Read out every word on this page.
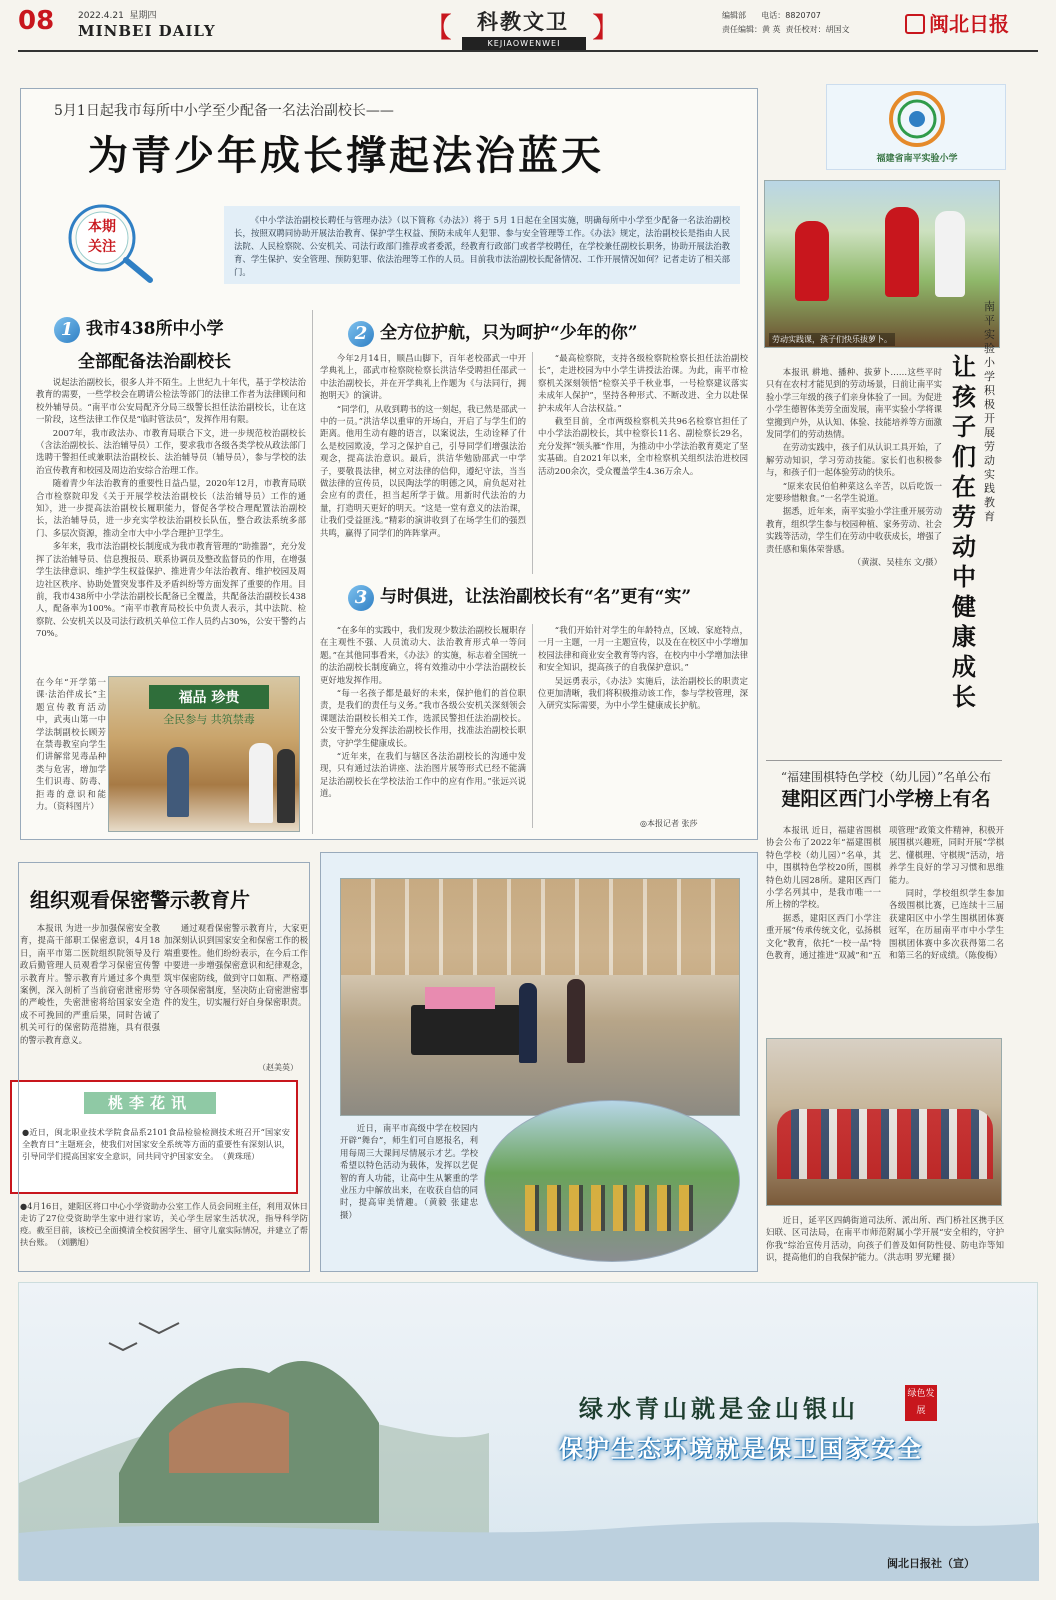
08	2022.4.21 星期四
MINBEI DAILY	【	科教文卫 】
KEJIAOWENWEI
编辑部 电话：8820707
责任编辑：黄 英 责任校对：胡国文	闽北日报
5月1日起我市每所中小学至少配备一名法治副校长——
为青少年成长撑起法治蓝天
本期
关注
《中小学法治副校长聘任与管理办法》（以下简称《办法》）将于 5月 1日起在全国实施，明确每所中小学至少配备一名法治副校长，按照双聘同协助开展法治教育、保护学生权益、预防未成年人犯罪、参与安全管理等工作。《办法》规定，法治副校长是指由人民法院、人民检察院、公安机关、司法行政部门推荐或者委派，经教育行政部门或者学校聘任，在学校兼任副校长职务，协助开展法治教育、学生保护、安全管理、预防犯罪、依法治理等工作的人员。目前我市法治副校长配备情况、工作开展情况如何？记者走访了相关部门。
1 我市438所中小学
全部配备法治副校长

说起法治副校长，很多人并不陌生。上世纪九十年代，基于学校法治教育的需要，一些学校会在聘请公检法等部门的法律工作者为法律顾问和校外辅导员。“南平市公安局配齐分局三级警长担任法治副校长，让在这一阶段，这些法律工作仅是“临时管法员”，发挥作用有限。

2007年，我市政法办、市教育局联合下文，进一步规范校治副校长（含法治副校长、法治辅导员）工作，要求我市各级各类学校从政法部门选聘干警担任或兼职法治副校长、法治辅导员（辅导员），参与学校的法治宣传教育和校园及周边治安综合治理工作。

随着青少年法治教育的重要性日益凸显，2020年12月，市教育局联合市检察院印发《关于开展学校法治副校长（法治辅导员）工作的通知》，进一步提高法治副校长履职能力，督促各学校合理配置法治副校长，法治辅导员，进一步充实学校法治副校长队伍，整合政法系统多部门、多层次资源，推动全市大中小学合理护卫学生。

多年来，我市法治副校长制度成为我市教育管理的“助推器”，充分发挥了法治辅导员、信息搜报员、联系协调员及整改监督员的作用，在增强学生法律意识、维护学生权益保护、推进青少年法治教育、维护校园及周边社区秩序、协助处置突发事件及矛盾纠纷等方面发挥了重要的作用。目前，我市438所中小学法治副校长配备已全覆盖，共配备法治副校长438人，配备率为100%。“南平市教育局校长中负责人表示，其中法院、检察院、公安机关以及司法行政机关单位工作人员约占30%，公安干警约占70%。

在今年“开学第一课·法治伴成长”主题宣传教育活动中，武夷山第一中学法制副校长顾芳在禁毒教室向学生们讲解常见毒品种类与危害，增加学生们识毒、防毒、拒毒的意识和能力。（资料图片）
福品 珍贵
全民参与 共筑禁毒
2 全方位护航，只为呵护“少年的你”

今年2月14日，顺昌山脚下，百年老校邵武一中开学典礼上，邵武市检察院检察长洪洁华受聘担任邵武一中法治副校长，并在开学典礼上作题为《与法同行，拥抱明天》的演讲。

“同学们，从收到聘书的这一刻起，我已然是邵武一中的一员。”洪洁华以重审的开场白，开启了与学生们的距离。他用生动有趣的语言，以案说法，生动诠释了什么是校园欺凌，学习之保护自己，引导同学们增强法治观念，提高法治意识。最后，洪洁华勉励邵武一中学子，要敬畏法律，树立对法律的信仰，遵纪守法，当当做法律的宣传员，以民陶法学的明德之风，肩负起对社会应有的责任，担当起所学于做。用新时代法治的力量，打造明天更好的明天。“这是一堂有意义的法治课，让我们受益匪浅。”精彩的演讲收到了在场学生们的强烈共鸣，赢得了同学们的阵阵掌声。

“最高检察院，支持各级检察院检察长担任法治副校长”，走进校园为中小学生讲授法治课。为此，南平市检察机关深刻领悟“检察关乎千秋业事，一号检察建议落实未成年人保护”，坚持各种形式、不断改进、全力以赴保护未成年人合法权益。”

截至目前，全市两级检察机关共96名检察官担任了中小学法治副校长，其中检察长11名、副检察长29名，充分发挥“领头雁”作用，为推动中小学法治教育奠定了坚实基础。自2021年以来，全市检察机关组织法治进校园活动200余次，受众覆盖学生4.36万余人。

3 与时俱进，让法治副校长有“名”更有“实”

“在多年的实践中，我们发现少数法治副校长履职存在主观性不强、人员流动大、法治教育形式单一等问题。”在其他同事看来，《办法》的实施，标志着全国统一的法治副校长制度确立，将有效推动中小学法治副校长更好地发挥作用。

“每一名孩子都是最好的未来，保护他们的首位职责，是我们的责任与义务。”我市各级公安机关深刻领会课题法治副校长相关工作，选派民警担任法治副校长。公安干警充分发挥法治副校长作用，找准法治副校长职责，守护学生健康成长。

“近年来，在我们与辖区各法治副校长的沟通中发现，只有通过法治讲座、法治图片展等形式已经不能满足法治副校长在学校法治工作中的应有作用。”张远兴说道。

“我们开始针对学生的年龄特点，区域、家庭特点，一月一主题，一月一主题宣传，以及在在校区中小学增加校园法律和商业安全教育等内容，在校内中小学增加法律和安全知识，提高孩子的自我保护意识。”

吴远勇表示，《办法》实施后，法治副校长的职责定位更加清晰，我们将积极推动该工作，参与学校管理，深入研究实际需要，为中小学生健康成长护航。

◎本报记者 张莎
福建省南平实验小学
劳动实践课，孩子们快乐拔萝卜。
南平实验小学积极开展劳动实践教育
让孩子们在劳动中健康成长

本报讯 耕地、播种、拔萝卜……这些平时只有在农村才能见到的劳动场景，日前让南平实验小学三年级的孩子们亲身体验了一回。为促进小学生德智体美劳全面发展，南平实验小学将课堂搬到户外，从认知、体验、技能培养等方面激发同学们的劳动热情。

在劳动实践中，孩子们从认识工具开始，了解劳动知识，学习劳动技能。家长们也积极参与，和孩子们一起体验劳动的快乐。

“原来农民伯伯种菜这么辛苦，以后吃饭一定要珍惜粮食。”一名学生说道。

据悉，近年来，南平实验小学注重开展劳动教育，组织学生参与校园种植、家务劳动、社会实践等活动，学生们在劳动中收获成长，增强了责任感和集体荣誉感。

（黄淑、吴桂东 文/摄）

“福建围棋特色学校（幼儿园）”名单公布
建阳区西门小学榜上有名

本报讯 近日，福建省围棋协会公布了2022年“福建围棋特色学校（幼儿园）”名单，其中，围棋特色学校20所，围棋特色幼儿园28所。建阳区西门小学名列其中，是我市唯一一所上榜的学校。

据悉，建阳区西门小学注重开展“传承传统文化，弘扬棋文化”教育，依托“一校一品”特色教育，通过推进“双减”和“五项管理”政策文件精神，积极开展围棋兴趣班，同时开展“学棋艺、懂棋理、守棋规”活动，培养学生良好的学习习惯和思维能力。

同时，学校组织学生参加各级围棋比赛，已连续十三届获建阳区中小学生围棋团体赛冠军，在历届南平市中小学生围棋团体赛中多次获得第二名和第三名的好成绩。（陈俊梅）

近日，延平区四鹤街道司法所、派出所、西门桥社区携手区妇联、区司法局，在南平市师范附属小学开展“安全相约，守护你我”综治宣传月活动，向孩子们普及如何防性侵、防电诈等知识，提高他们的自我保护能力。（洪志明 罗光耀 摄）
组织观看保密警示教育片
本报讯 为进一步加强保密安全教育，提高干部职工保密意识，4月18日，南平市第二医院组织院领导及行政后勤管理人员观看学习保密宣传警示教育片。警示教育片通过多个典型案例，深入剖析了当前窃密泄密形势的严峻性，失密泄密将给国家安全造成不可挽回的严重后果，同时告诫了机关可行的保密防范措施，具有很强的警示教育意义。
通过观看保密警示教育片，大家更加深刻认识到国家安全和保密工作的极端重要性。他们纷纷表示，在今后工作中要进一步增强保密意识和纪律观念，筑牢保密防线，做到守口如瓶、严格遵守各项保密制度，坚决防止窃密泄密事件的发生，切实履行好自身保密职责。
（赵美英）
桃李花讯
●近日，闽北职业技术学院食品系2101食品检验检测技术班召开“国家安全教育日”主题班会，使我们对国家安全系统等方面的重要性有深刻认识，引导同学们提高国家安全意识，同共同守护国家安全。 （黄珠瑶）
●4月16日，建阳区将口中心小学资助办公室工作人员会同班主任，利用双休日走访了27位受资助学生家中进行家访，关心学生居家生活状况，指导科学防疫。截至目前，该校已全面摸清全校贫困学生、留守儿童实际情况，并建立了帮扶台账。 （刘鹏旭）
近日，南平市高级中学在校园内开辟“舞台”，师生们可自愿报名，利用每周三大课间尽情展示才艺。学校希望以特色活动为载体，发挥以艺促智的育人功能，让高中生从繁重的学业压力中解放出来，在收获自信的同时，提高审美情趣。（黄毅 张建忠 摄）
绿水青山就是金山银山	绿色发展
保护生态环境就是保卫国家安全
闽北日报社（宣）
